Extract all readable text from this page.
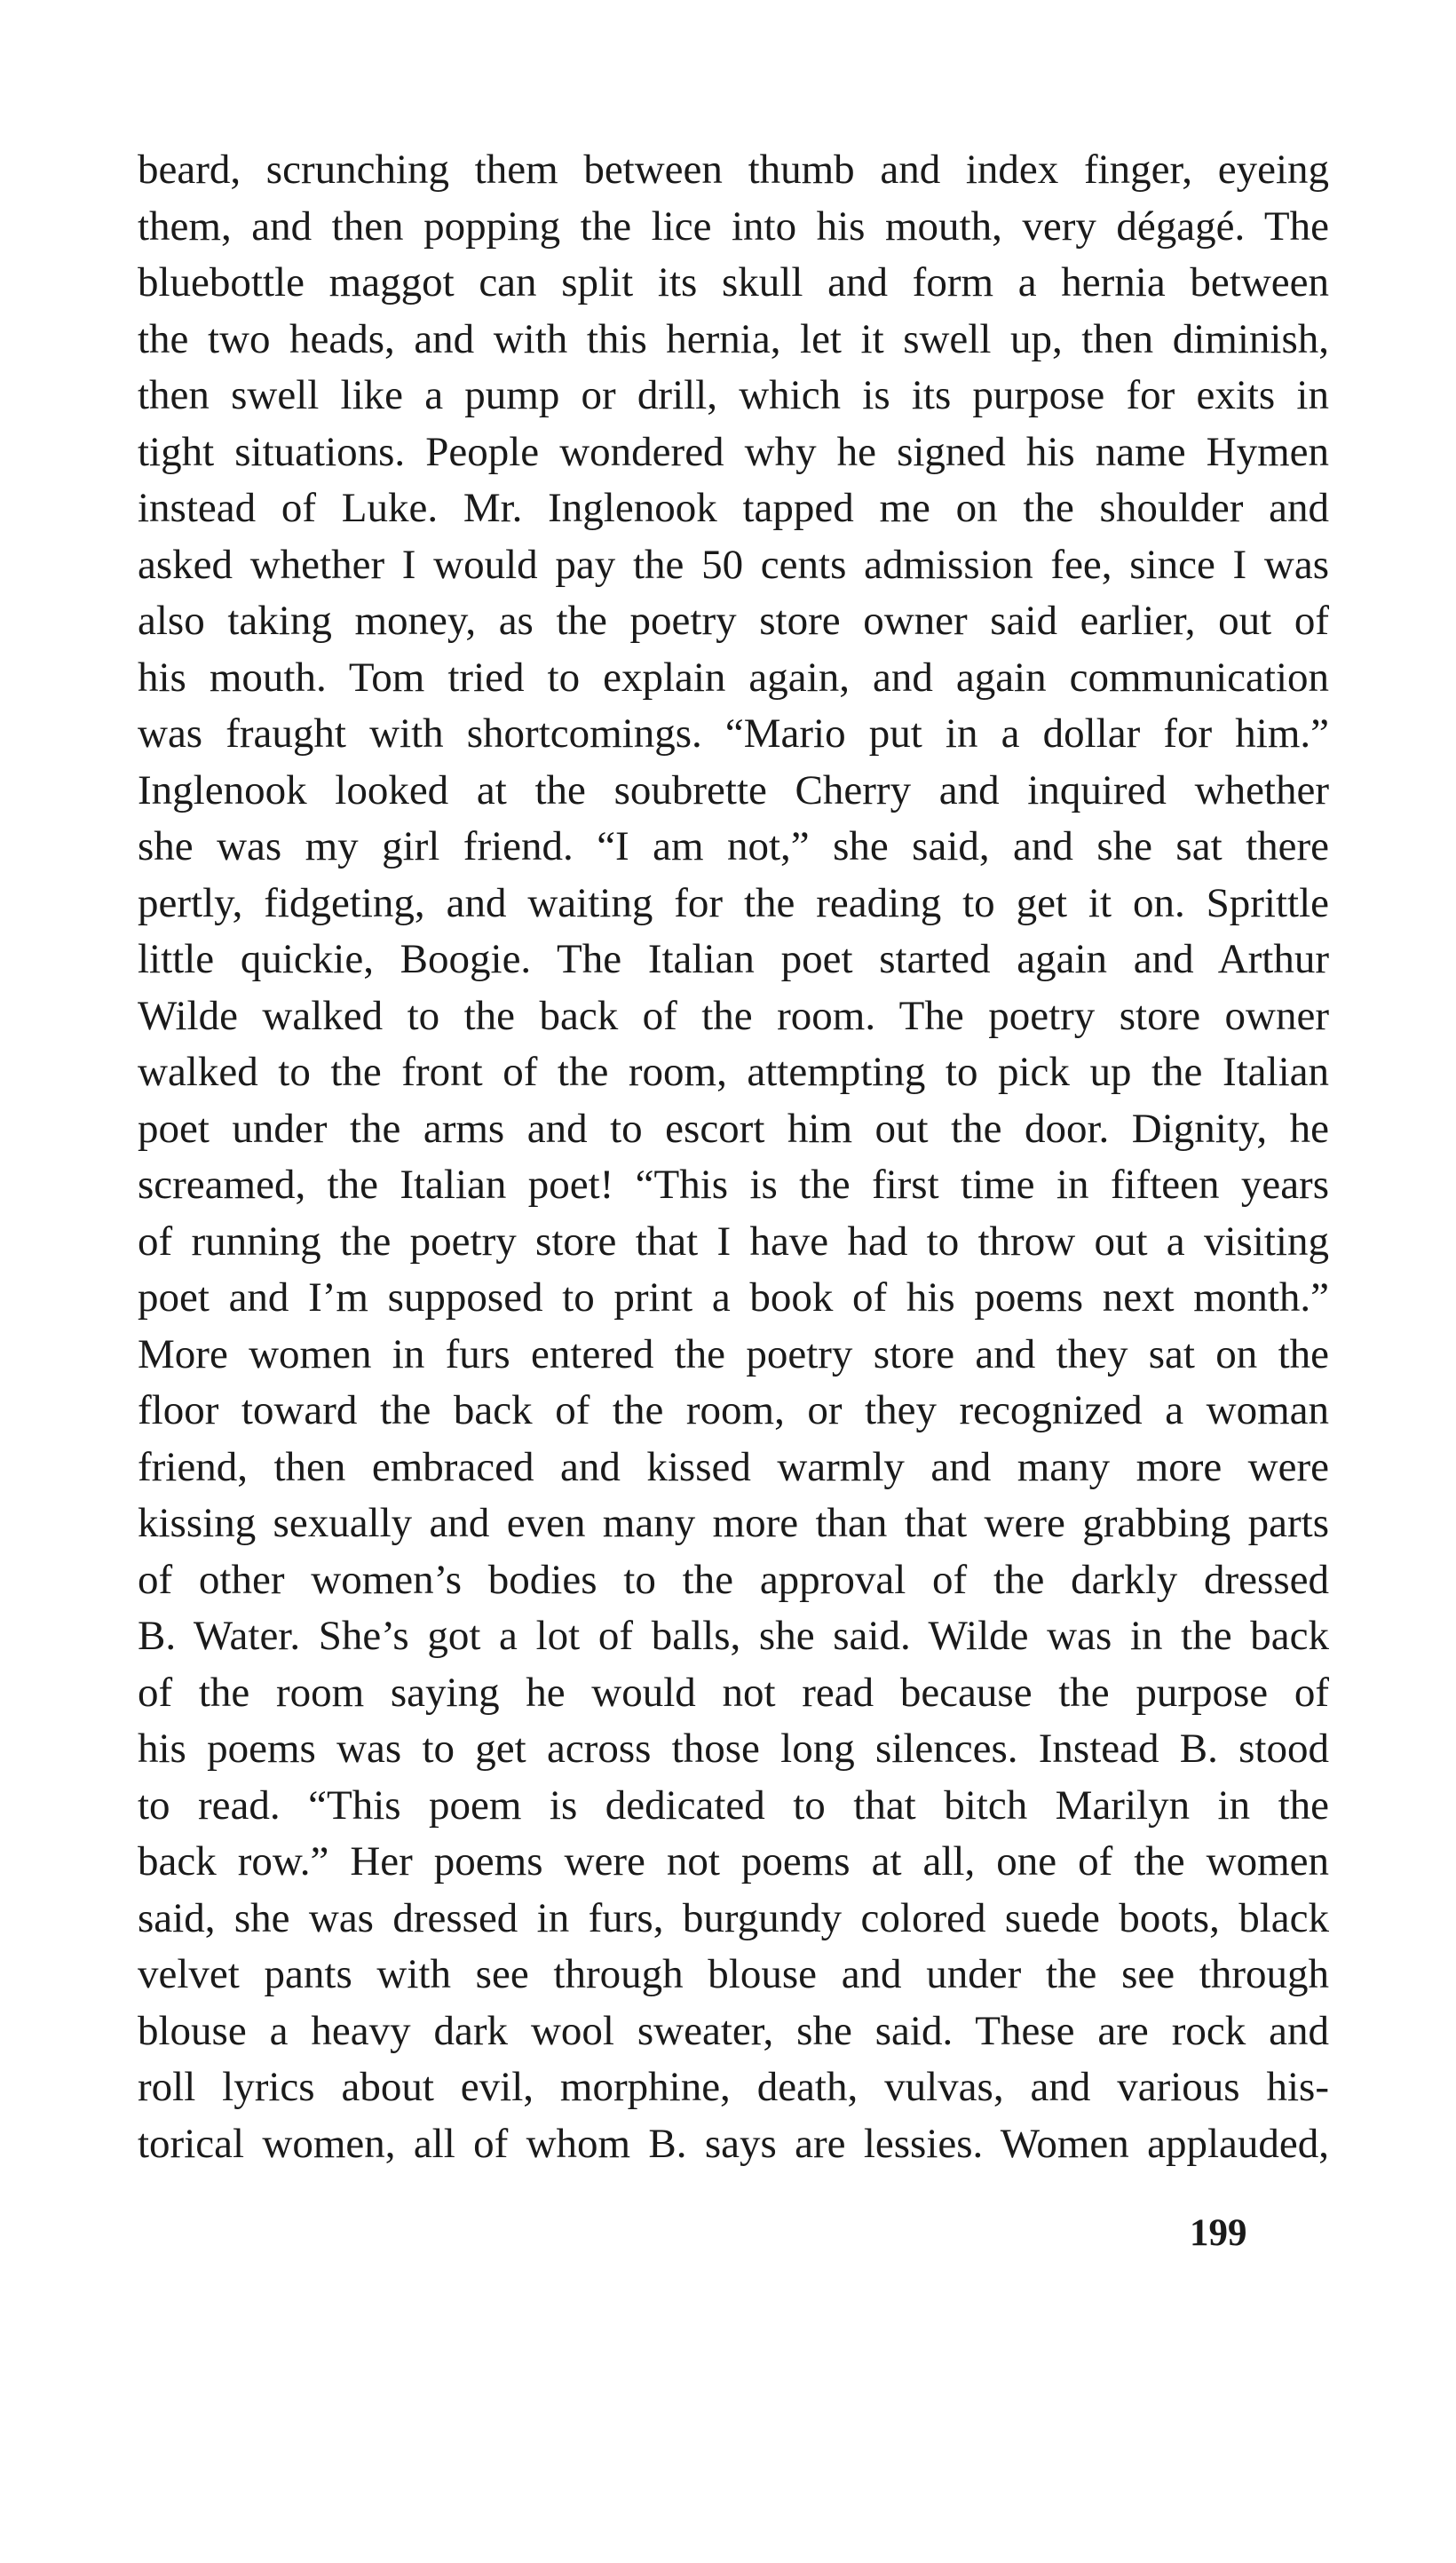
beard, scrunching them between thumb and index finger, eyeing
them, and then popping the lice into his mouth, very dégagé. The
bluebottle maggot can split its skull and form a hernia between
the two heads, and with this hernia, let it swell up, then diminish,
then swell like a pump or drill, which is its purpose for exits in
tight situations. People wondered why he signed his name Hymen
instead of Luke. Mr. Inglenook tapped me on the shoulder and
asked whether I would pay the 50 cents admission fee, since I was
also taking money, as the poetry store owner said earlier, out of
his mouth. Tom tried to explain again, and again communication
was fraught with shortcomings. “Mario put in a dollar for him.”
Inglenook looked at the soubrette Cherry and inquired whether
she was my girl friend. “I am not,” she said, and she sat there
pertly, fidgeting, and waiting for the reading to get it on. Sprittle
little quickie, Boogie. The Italian poet started again and Arthur
Wilde walked to the back of the room. The poetry store owner
walked to the front of the room, attempting to pick up the Italian
poet under the arms and to escort him out the door. Dignity, he
screamed, the Italian poet! “This is the first time in fifteen years
of running the poetry store that I have had to throw out a visiting
poet and I’m supposed to print a book of his poems next month.”
More women in furs entered the poetry store and they sat on the
floor toward the back of the room, or they recognized a woman
friend, then embraced and kissed warmly and many more were
kissing sexually and even many more than that were grabbing parts
of other women’s bodies to the approval of the darkly dressed
B. Water. She’s got a lot of balls, she said. Wilde was in the back
of the room saying he would not read because the purpose of
his poems was to get across those long silences. Instead B. stood
to read. “This poem is dedicated to that bitch Marilyn in the
back row.” Her poems were not poems at all, one of the women
said, she was dressed in furs, burgundy colored suede boots, black
velvet pants with see through blouse and under the see through
blouse a heavy dark wool sweater, she said. These are rock and
roll lyrics about evil, morphine, death, vulvas, and various his-
torical women, all of whom B. says are lessies. Women applauded,
199
